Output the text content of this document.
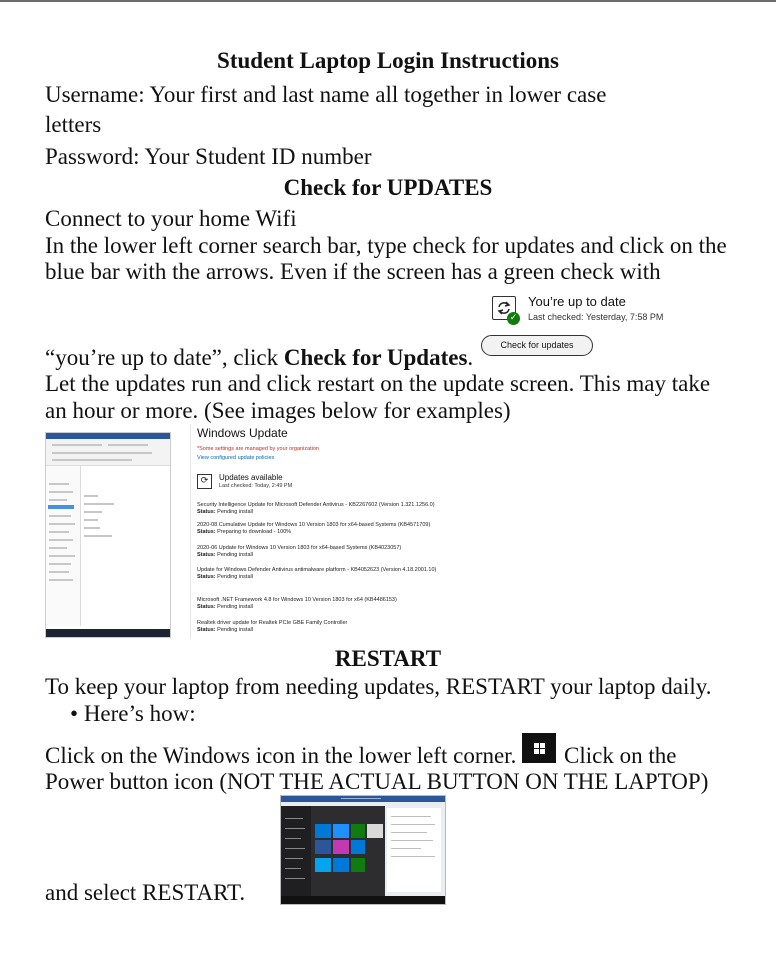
Student Laptop Login Instructions
Username: Your first and last name all together in lower case
letters
Password: Your Student ID number
Check for UPDATES
Connect to your home Wifi
In the lower left corner search bar, type check for updates and click on the
blue bar with the arrows. Even if the screen has a green check with
✓
You’re up to date
Last checked: Yesterday, 7:58 PM
Check for updates
“you’re up to date”, click Check for Updates.
Let the updates run and click restart on the update screen. This may take
an hour or more. (See images below for examples)
Windows Update
*Some settings are managed by your organization
View configured update policies
⟳	Updates available
Last checked: Today, 2:49 PM
Security Intelligence Update for Microsoft Defender Antivirus - KB2267602 (Version 1.321.1256.0)
Status: Pending install
2020-08 Cumulative Update for Windows 10 Version 1803 for x64-based Systems (KB4571709)
Status: Preparing to download - 100%
2020-06 Update for Windows 10 Version 1803 for x64-based Systems (KB4023057)
Status: Pending install
Update for Windows Defender Antivirus antimalware platform - KB4052623 (Version 4.18.2001.10)
Status: Pending install
Microsoft .NET Framework 4.8 for Windows 10 Version 1803 for x64 (KB4486153)
Status: Pending install
Realtek driver update for Realtek PCIe GBE Family Controller
Status: Pending install
RESTART
To keep your laptop from needing updates, RESTART your laptop daily.
• Here’s how:
Click on the Windows icon in the lower left corner. Click on the
Power button icon (NOT THE ACTUAL BUTTON ON THE LAPTOP)
and select RESTART.
